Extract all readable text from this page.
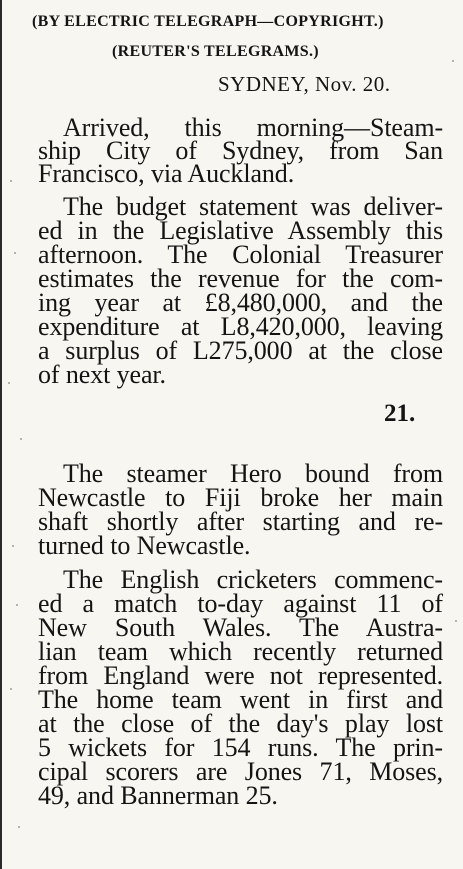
(BY ELECTRIC TELEGRAPH—COPYRIGHT.)
(REUTER'S TELEGRAMS.)
SYDNEY, Nov. 20.
Arrived, this morning—Steam-
ship City of Sydney, from San
Francisco, via Auckland.
The budget statement was deliver-
ed in the Legislative Assembly this
afternoon. The Colonial Treasurer
estimates the revenue for the com-
ing year at £8,480,000, and the
expenditure at L8,420,000, leaving
a surplus of L275,000 at the close
of next year.
21.
The steamer Hero bound from
Newcastle to Fiji broke her main
shaft shortly after starting and re-
turned to Newcastle.
The English cricketers commenc-
ed a match to-day against 11 of
New South Wales. The Austra-
lian team which recently returned
from England were not represented.
The home team went in first and
at the close of the day's play lost
5 wickets for 154 runs. The prin-
cipal scorers are Jones 71, Moses,
49, and Bannerman 25.
